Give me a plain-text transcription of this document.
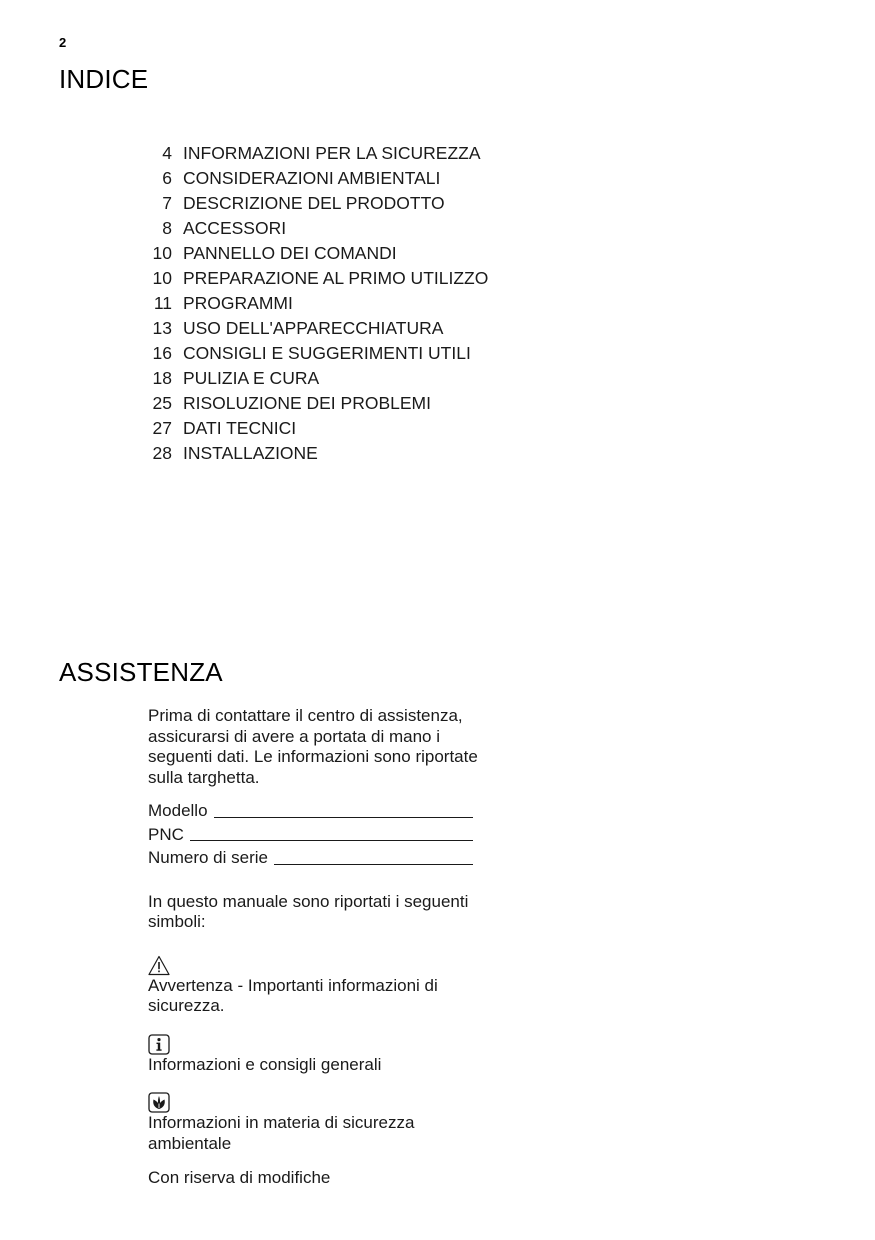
2
INDICE
4 INFORMAZIONI PER LA SICUREZZA
6 CONSIDERAZIONI AMBIENTALI
7 DESCRIZIONE DEL PRODOTTO
8 ACCESSORI
10 PANNELLO DEI COMANDI
10 PREPARAZIONE AL PRIMO UTILIZZO
11 PROGRAMMI
13 USO DELL'APPARECCHIATURA
16 CONSIGLI E SUGGERIMENTI UTILI
18 PULIZIA E CURA
25 RISOLUZIONE DEI PROBLEMI
27 DATI TECNICI
28 INSTALLAZIONE
ASSISTENZA

Prima di contattare il centro di assistenza, assicurarsi di avere a portata di mano i seguenti dati. Le informazioni sono riportate sulla targhetta.

Modello
PNC
Numero di serie

In questo manuale sono riportati i seguenti simboli:

Avvertenza - Importanti informazioni di sicurezza.

Informazioni e consigli generali

Informazioni in materia di sicurezza ambientale

Con riserva di modifiche
